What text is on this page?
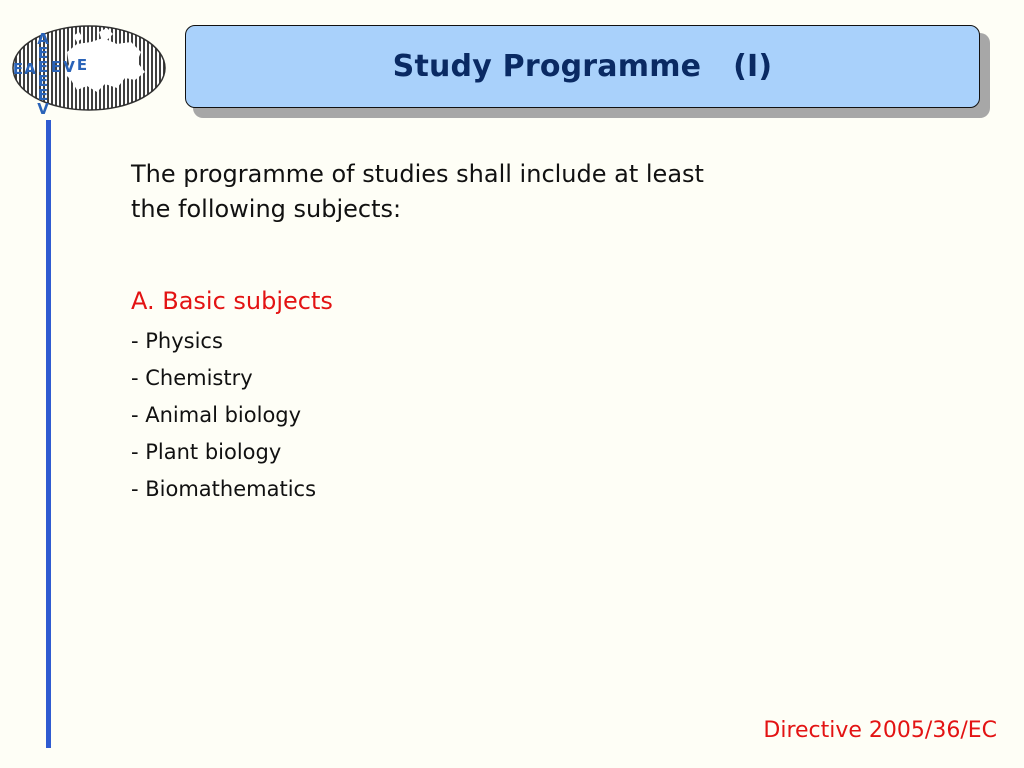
A
E
E
E A E V E
E
E
V
Study Programme   (I)
The programme of studies shall include at least
the following subjects:
A. Basic subjects
- Physics
- Chemistry
- Animal biology
- Plant biology
- Biomathematics
Directive 2005/36/EC
